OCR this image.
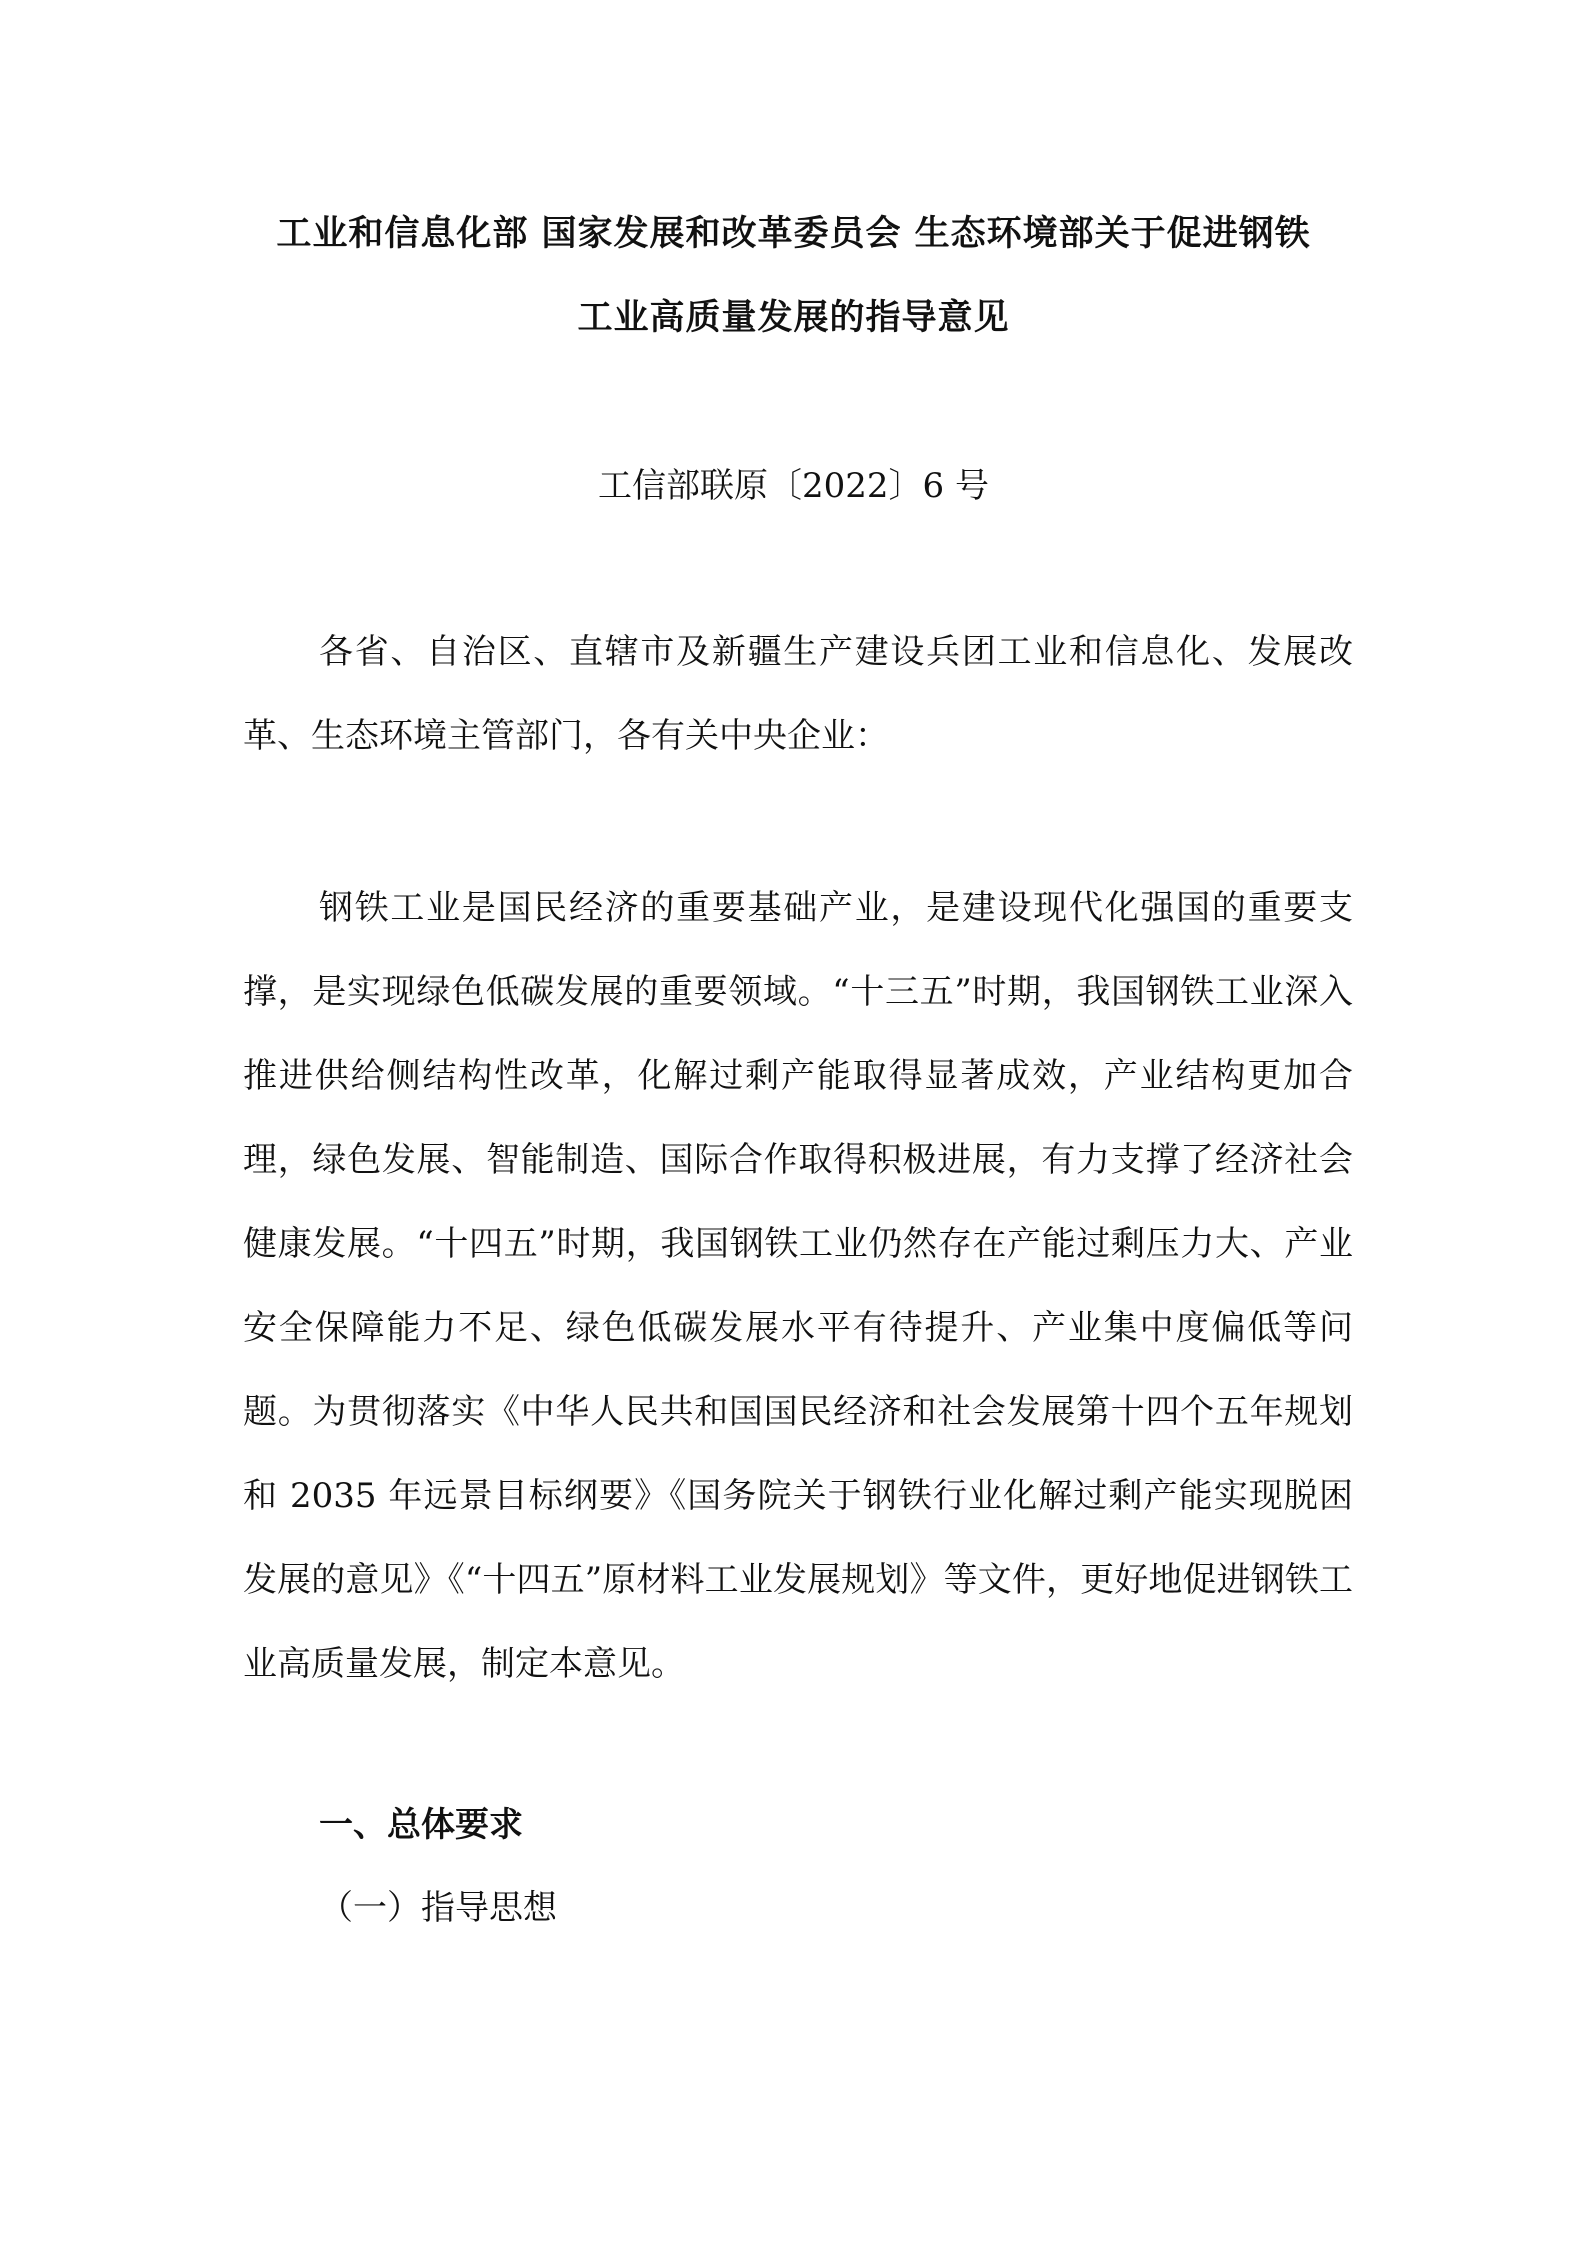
工业和信息化部 国家发展和改革委员会 生态环境部关于促进钢铁
工业高质量发展的指导意见
工信部联原〔2022〕6 号

各省、自治区、直辖市及新疆生产建设兵团工业和信息化、发展改革、生态环境主管部门，各有关中央企业：

钢铁工业是国民经济的重要基础产业，是建设现代化强国的重要支撑，是实现绿色低碳发展的重要领域。“十三五”时期，我国钢铁工业深入推进供给侧结构性改革，化解过剩产能取得显著成效，产业结构更加合理，绿色发展、智能制造、国际合作取得积极进展，有力支撑了经济社会健康发展。“十四五”时期，我国钢铁工业仍然存在产能过剩压力大、产业安全保障能力不足、绿色低碳发展水平有待提升、产业集中度偏低等问题。为贯彻落实《中华人民共和国国民经济和社会发展第十四个五年规划和 2035 年远景目标纲要》《国务院关于钢铁行业化解过剩产能实现脱困发展的意见》《“十四五”原材料工业发展规划》等文件，更好地促进钢铁工业高质量发展，制定本意见。

一、总体要求
（一）指导思想
